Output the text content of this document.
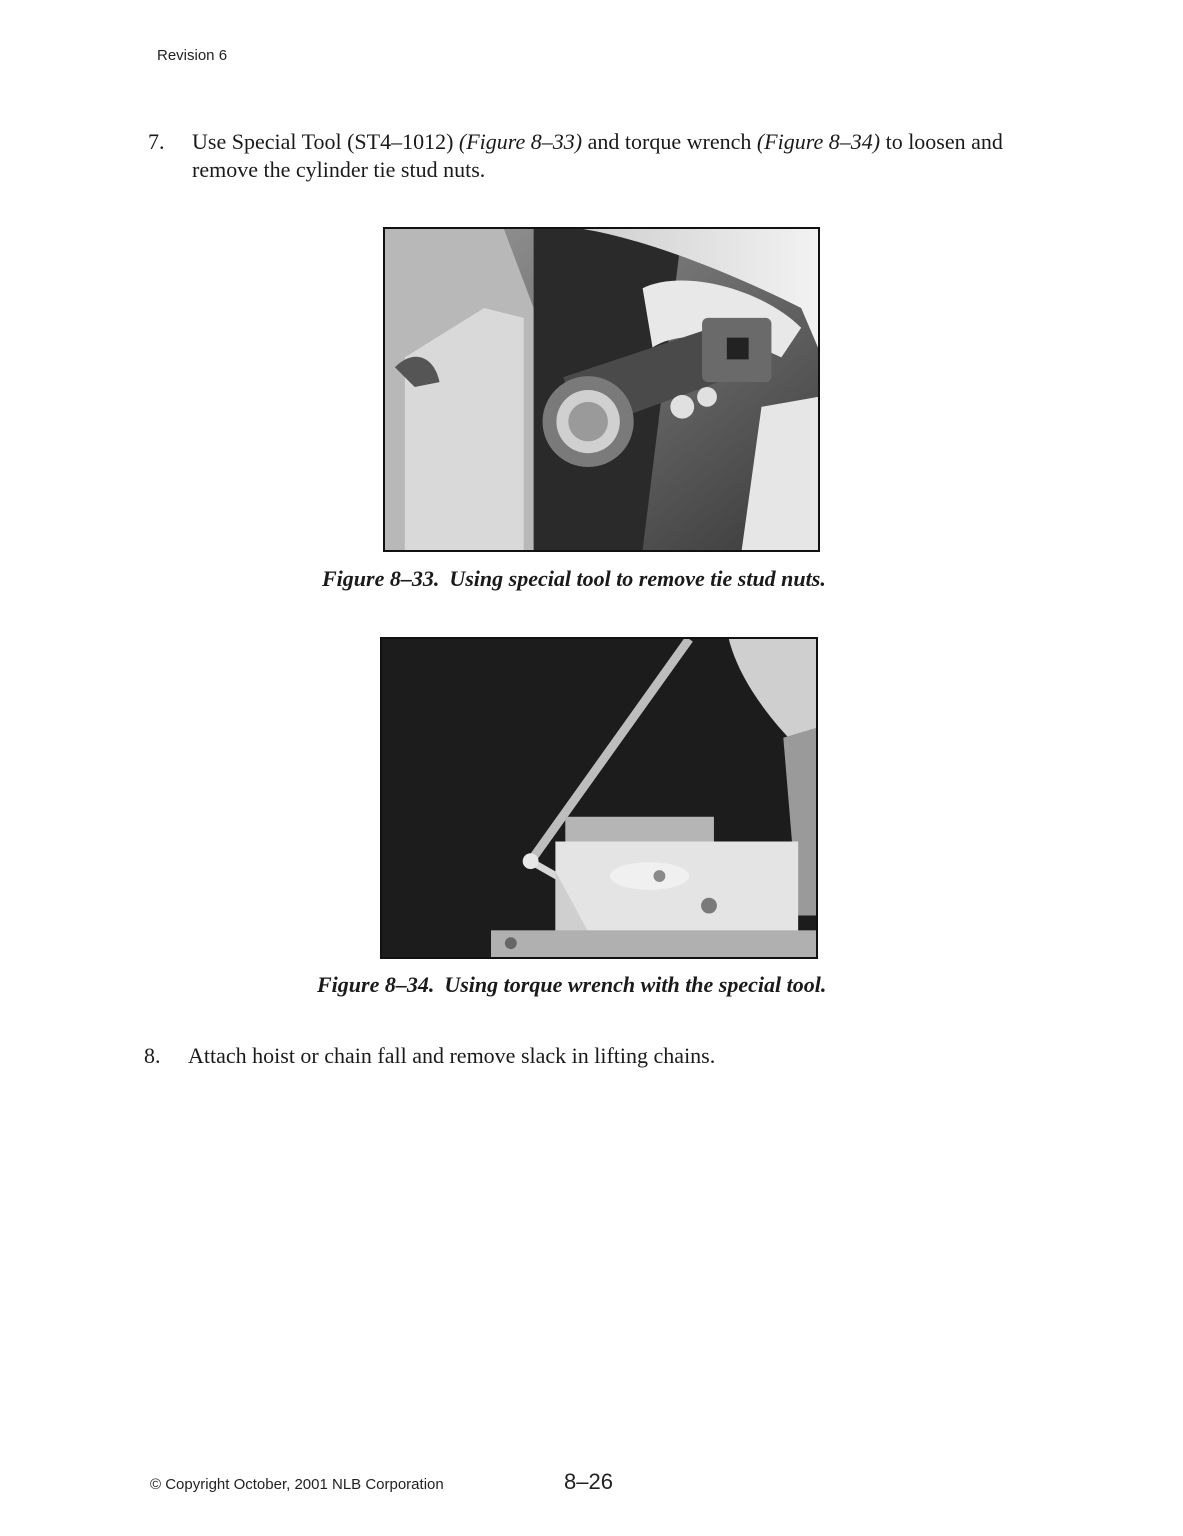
Revision 6
7. Use Special Tool (ST4–1012) (Figure 8–33) and torque wrench (Figure 8–34) to loosen and remove the cylinder tie stud nuts.
Figure 8–33. Using special tool to remove tie stud nuts.
Figure 8–34. Using torque wrench with the special tool.
8. Attach hoist or chain fall and remove slack in lifting chains.
© Copyright October, 2001 NLB Corporation	8–26
